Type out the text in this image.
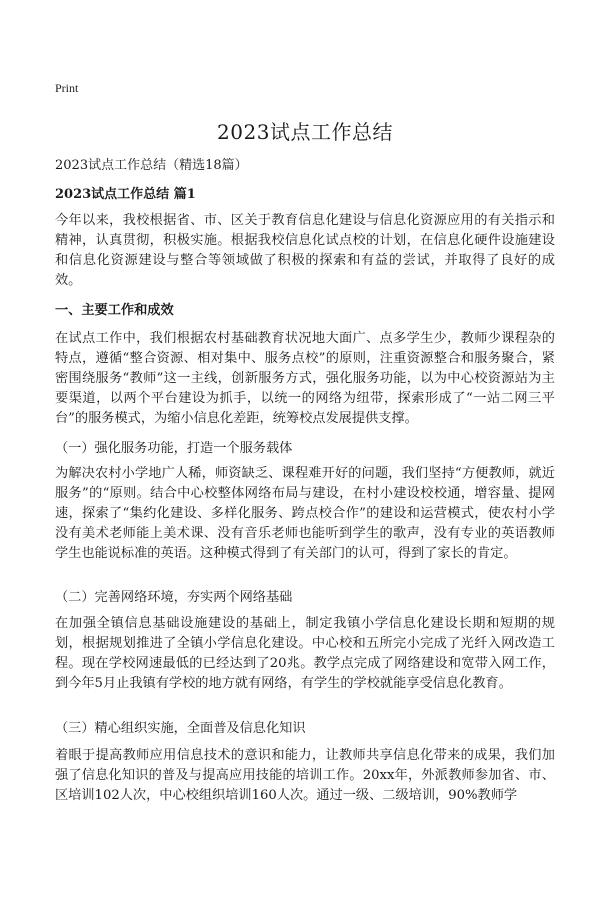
Print
2023试点工作总结
2023试点工作总结（精选18篇）
2023试点工作总结 篇1

今年以来，我校根据省、市、区关于教育信息化建设与信息化资源应用的有关指示和精神，认真贯彻，积极实施。根据我校信息化试点校的计划，在信息化硬件设施建设和信息化资源建设与整合等领域做了积极的探索和有益的尝试，并取得了良好的成效。

一、主要工作和成效

在试点工作中，我们根据农村基础教育状况地大面广、点多学生少，教师少课程杂的特点，遵循“整合资源、相对集中、服务点校”的原则，注重资源整合和服务聚合，紧密围绕服务“教师”这一主线，创新服务方式，强化服务功能，以为中心校资源站为主要渠道，以两个平台建设为抓手，以统一的网络为纽带，探索形成了“一站二网三平台”的服务模式，为缩小信息化差距，统筹校点发展提供支撑。

（一）强化服务功能，打造一个服务载体

为解决农村小学地广人稀，师资缺乏、课程难开好的问题，我们坚持“方便教师，就近服务”的“原则。结合中心校整体网络布局与建设，在村小建设校校通，增容量、提网速，探索了“集约化建设、多样化服务、跨点校合作”的建设和运营模式，使农村小学没有美术老师能上美术课、没有音乐老师也能听到学生的歌声，没有专业的英语教师学生也能说标准的英语。这种模式得到了有关部门的认可，得到了家长的肯定。

（二）完善网络环境，夯实两个网络基础

在加强全镇信息基础设施建设的基础上，制定我镇小学信息化建设长期和短期的规划，根据规划推进了全镇小学信息化建设。中心校和五所完小完成了光纤入网改造工程。现在学校网速最低的已经达到了20兆。教学点完成了网络建设和宽带入网工作，到今年5月止我镇有学校的地方就有网络，有学生的学校就能享受信息化教育。

（三）精心组织实施，全面普及信息化知识

着眼于提高教师应用信息技术的意识和能力，让教师共享信息化带来的成果，我们加强了信息化知识的普及与提高应用技能的培训工作。20xx年，外派教师参加省、市、区培训102人次，中心校组织培训160人次。通过一级、二级培训，90%教师学
